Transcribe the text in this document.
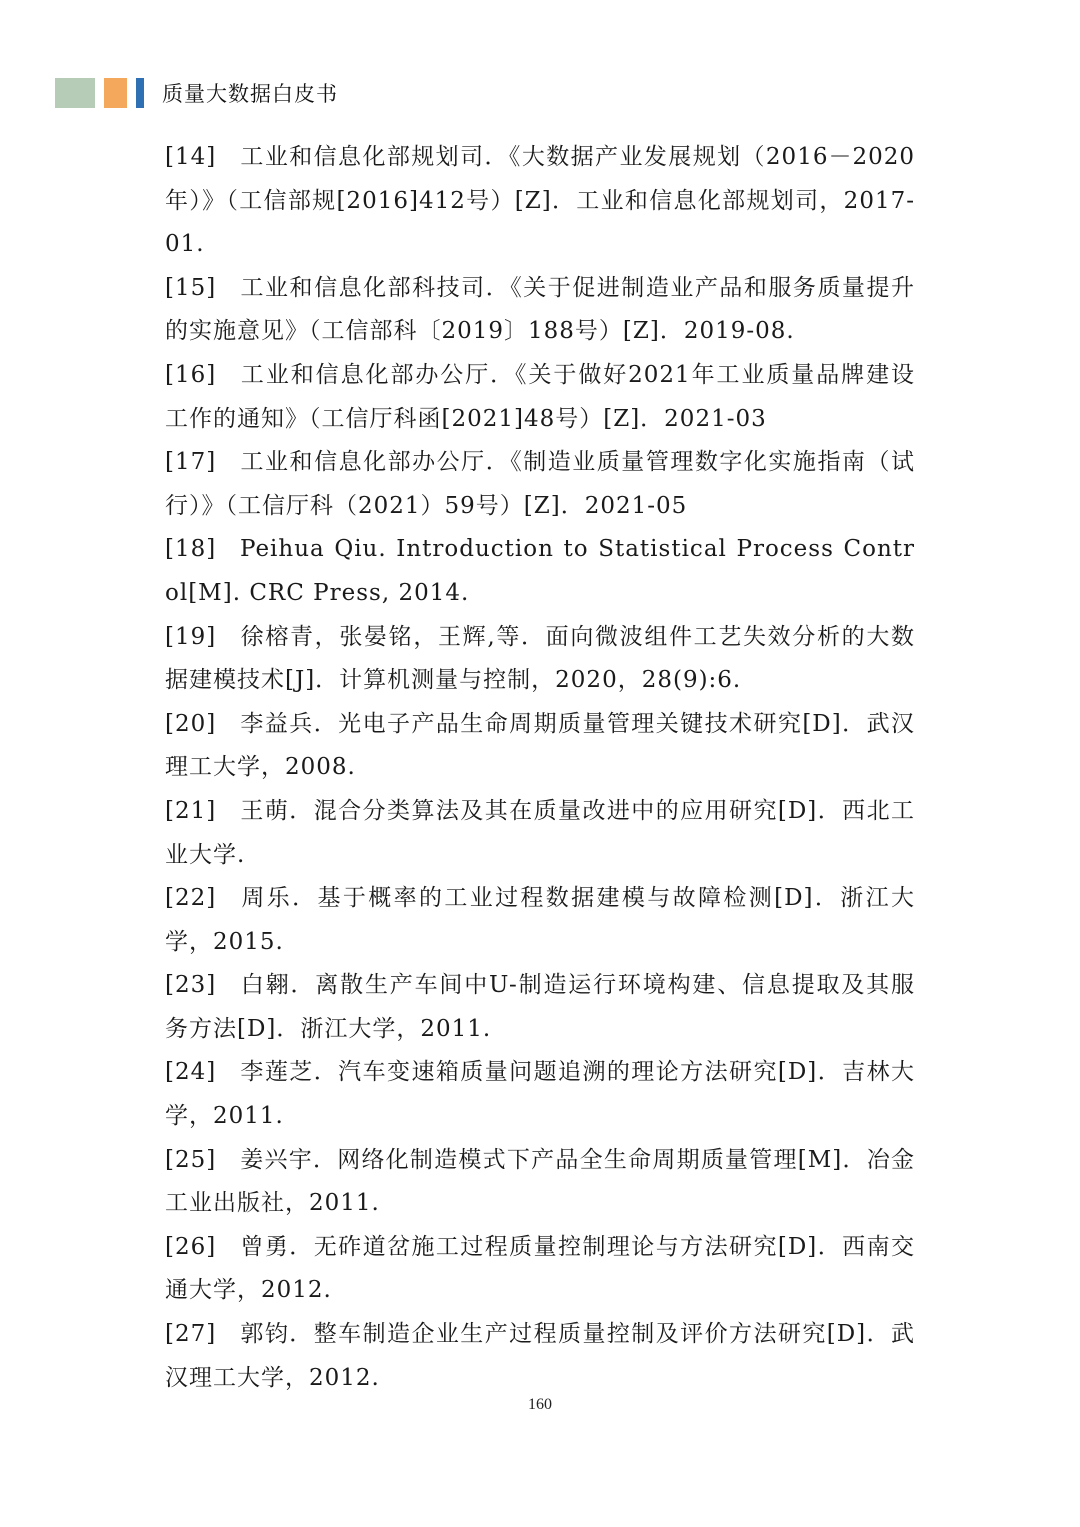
质量大数据白皮书
[14] 工业和信息化部规划司．《大数据产业发展规划（2016－2020年）》（工信部规[2016]412号）[Z]．工业和信息化部规划司，2017-01.
[15] 工业和信息化部科技司．《关于促进制造业产品和服务质量提升的实施意见》（工信部科〔2019〕188号）[Z]．2019-08.
[16] 工业和信息化部办公厅．《关于做好2021年工业质量品牌建设工作的通知》（工信厅科函[2021]48号）[Z]．2021-03
[17] 工业和信息化部办公厅．《制造业质量管理数字化实施指南（试行）》（工信厅科（2021）59号）[Z]．2021-05
[18] Peihua Qiu. Introduction to Statistical Process Control[M]. CRC Press, 2014.
[19] 徐榕青，张晏铭，王辉,等．面向微波组件工艺失效分析的大数据建模技术[J]．计算机测量与控制，2020，28(9):6.
[20] 李益兵．光电子产品生命周期质量管理关键技术研究[D]．武汉理工大学，2008.
[21] 王萌．混合分类算法及其在质量改进中的应用研究[D]．西北工业大学.
[22] 周乐．基于概率的工业过程数据建模与故障检测[D]．浙江大学，2015.
[23] 白翱．离散生产车间中U-制造运行环境构建、信息提取及其服务方法[D]．浙江大学，2011.
[24] 李莲芝．汽车变速箱质量问题追溯的理论方法研究[D]．吉林大学，2011.
[25] 姜兴宇．网络化制造模式下产品全生命周期质量管理[M]．冶金工业出版社，2011.
[26] 曾勇．无砟道岔施工过程质量控制理论与方法研究[D]．西南交通大学，2012.
[27] 郭钧．整车制造企业生产过程质量控制及评价方法研究[D]．武汉理工大学，2012.
160
